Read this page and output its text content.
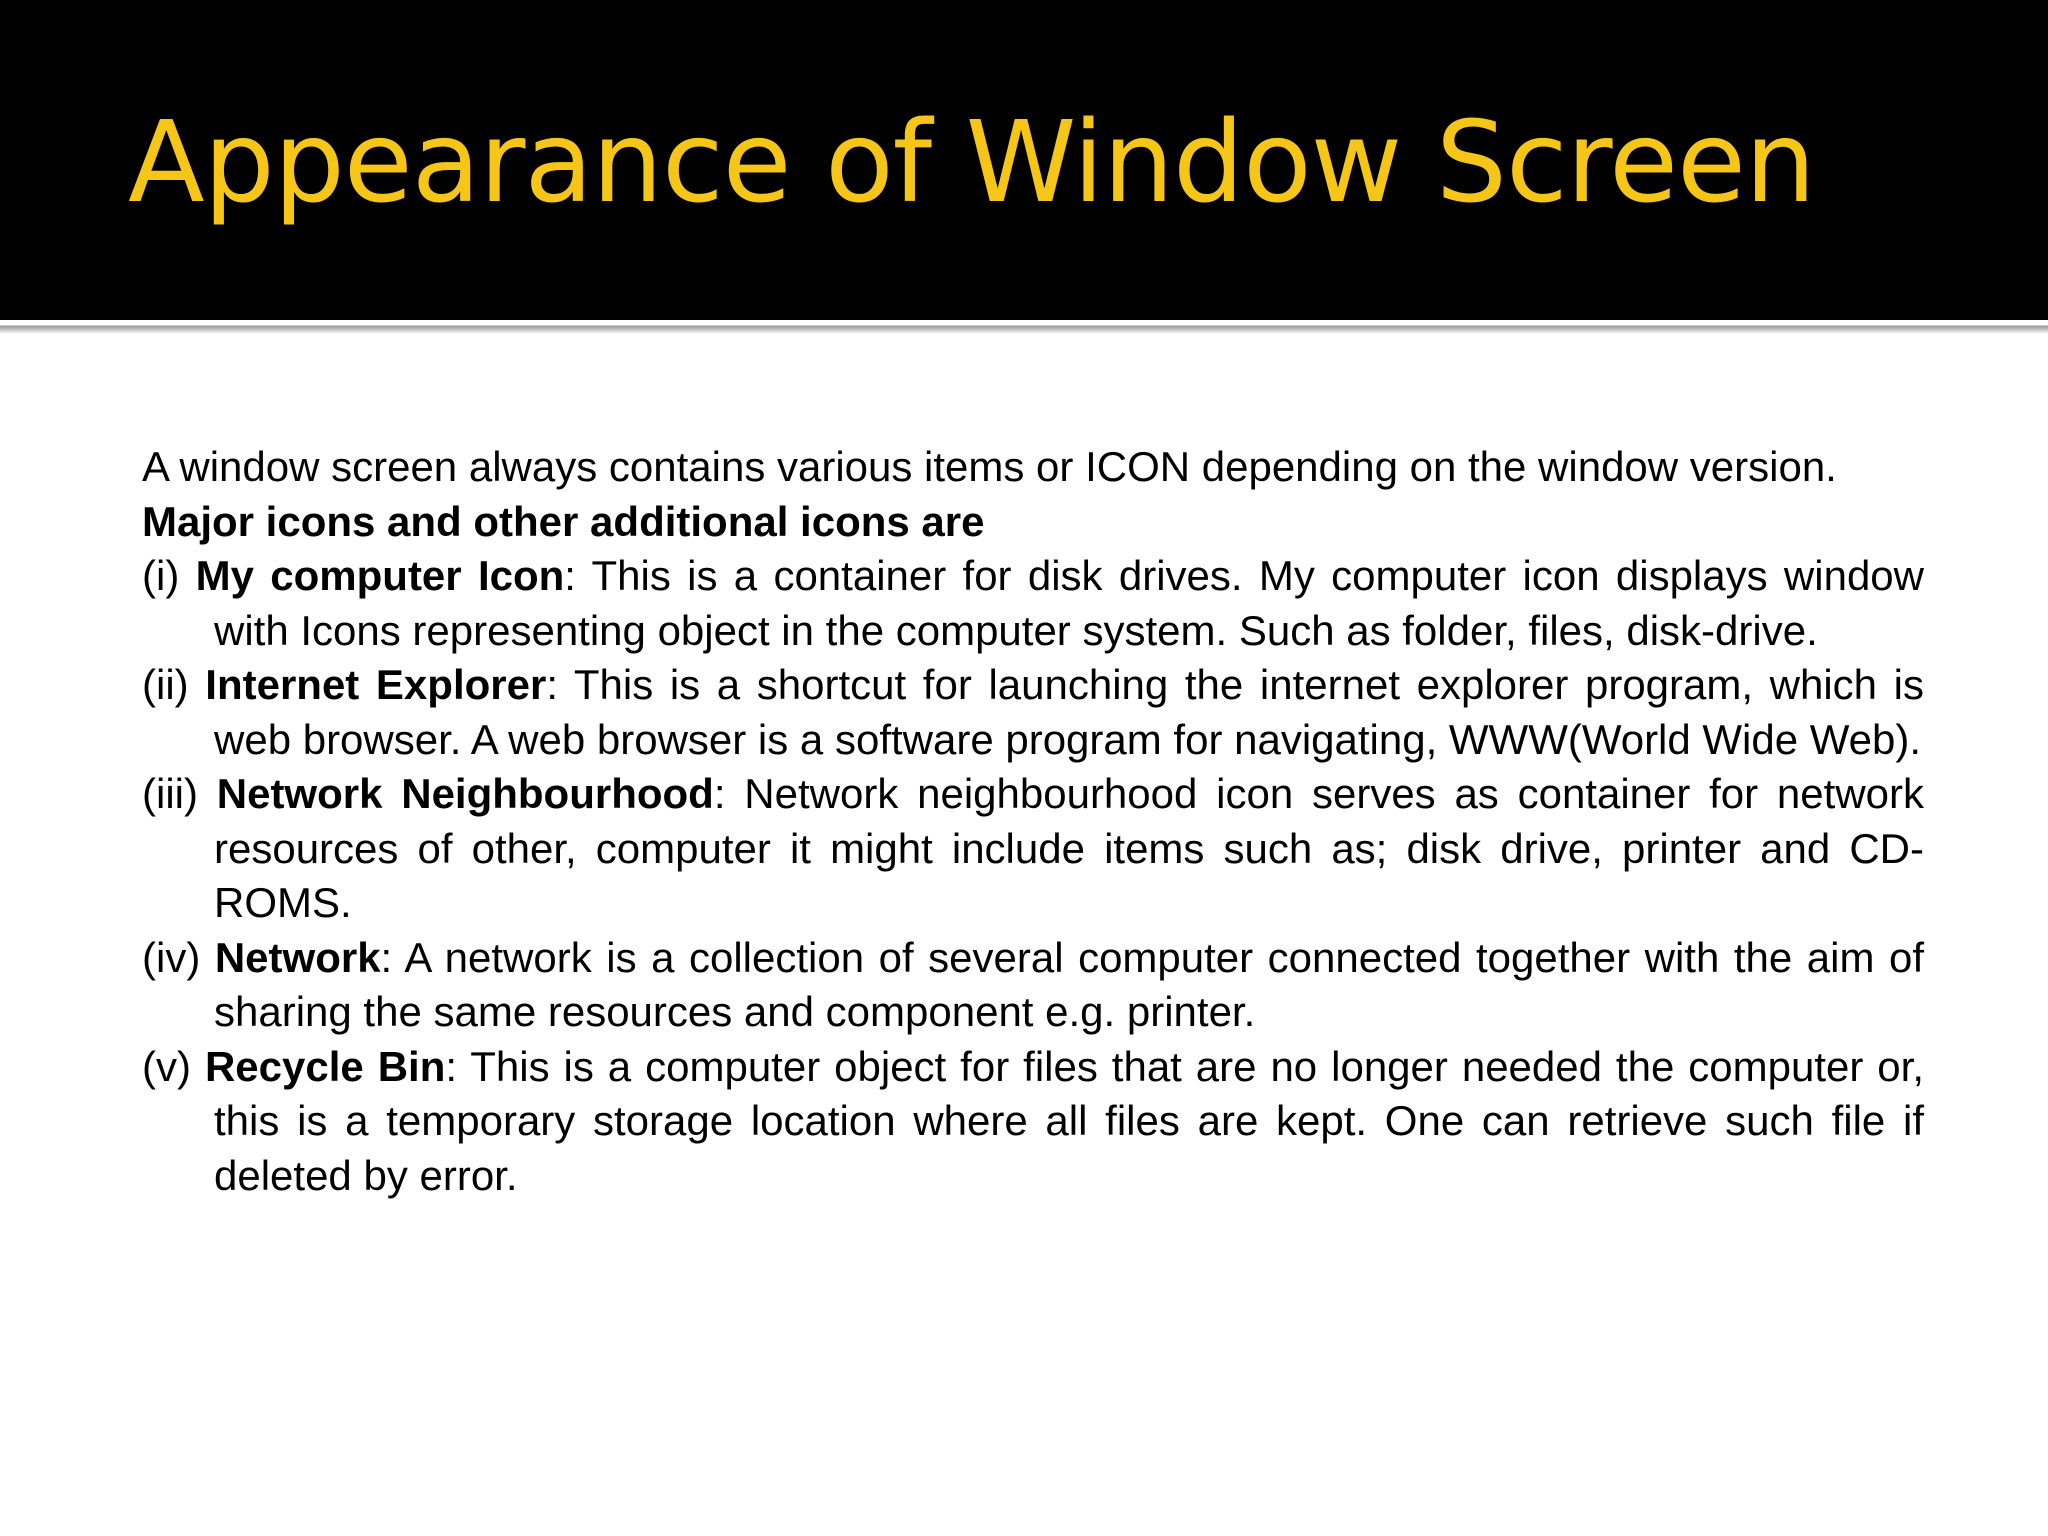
Appearance of Window Screen

A window screen always contains various items or ICON depending on the window version.

Major icons and other additional icons are

(i) My computer Icon: This is a container for disk drives. My computer icon displays window with Icons representing object in the computer system. Such as folder, files, disk-drive.

(ii) Internet Explorer: This is a shortcut for launching the internet explorer program, which is web browser. A web browser is a software program for navigating, WWW(World Wide Web).

(iii) Network Neighbourhood: Network neighbourhood icon serves as container for network resources of other, computer it might include items such as; disk drive, printer and CD-ROMS.

(iv) Network: A network is a collection of several computer connected together with the aim of sharing the same resources and component e.g. printer.

(v) Recycle Bin: This is a computer object for files that are no longer needed the computer or, this is a temporary storage location where all files are kept. One can retrieve such file if deleted by error.
